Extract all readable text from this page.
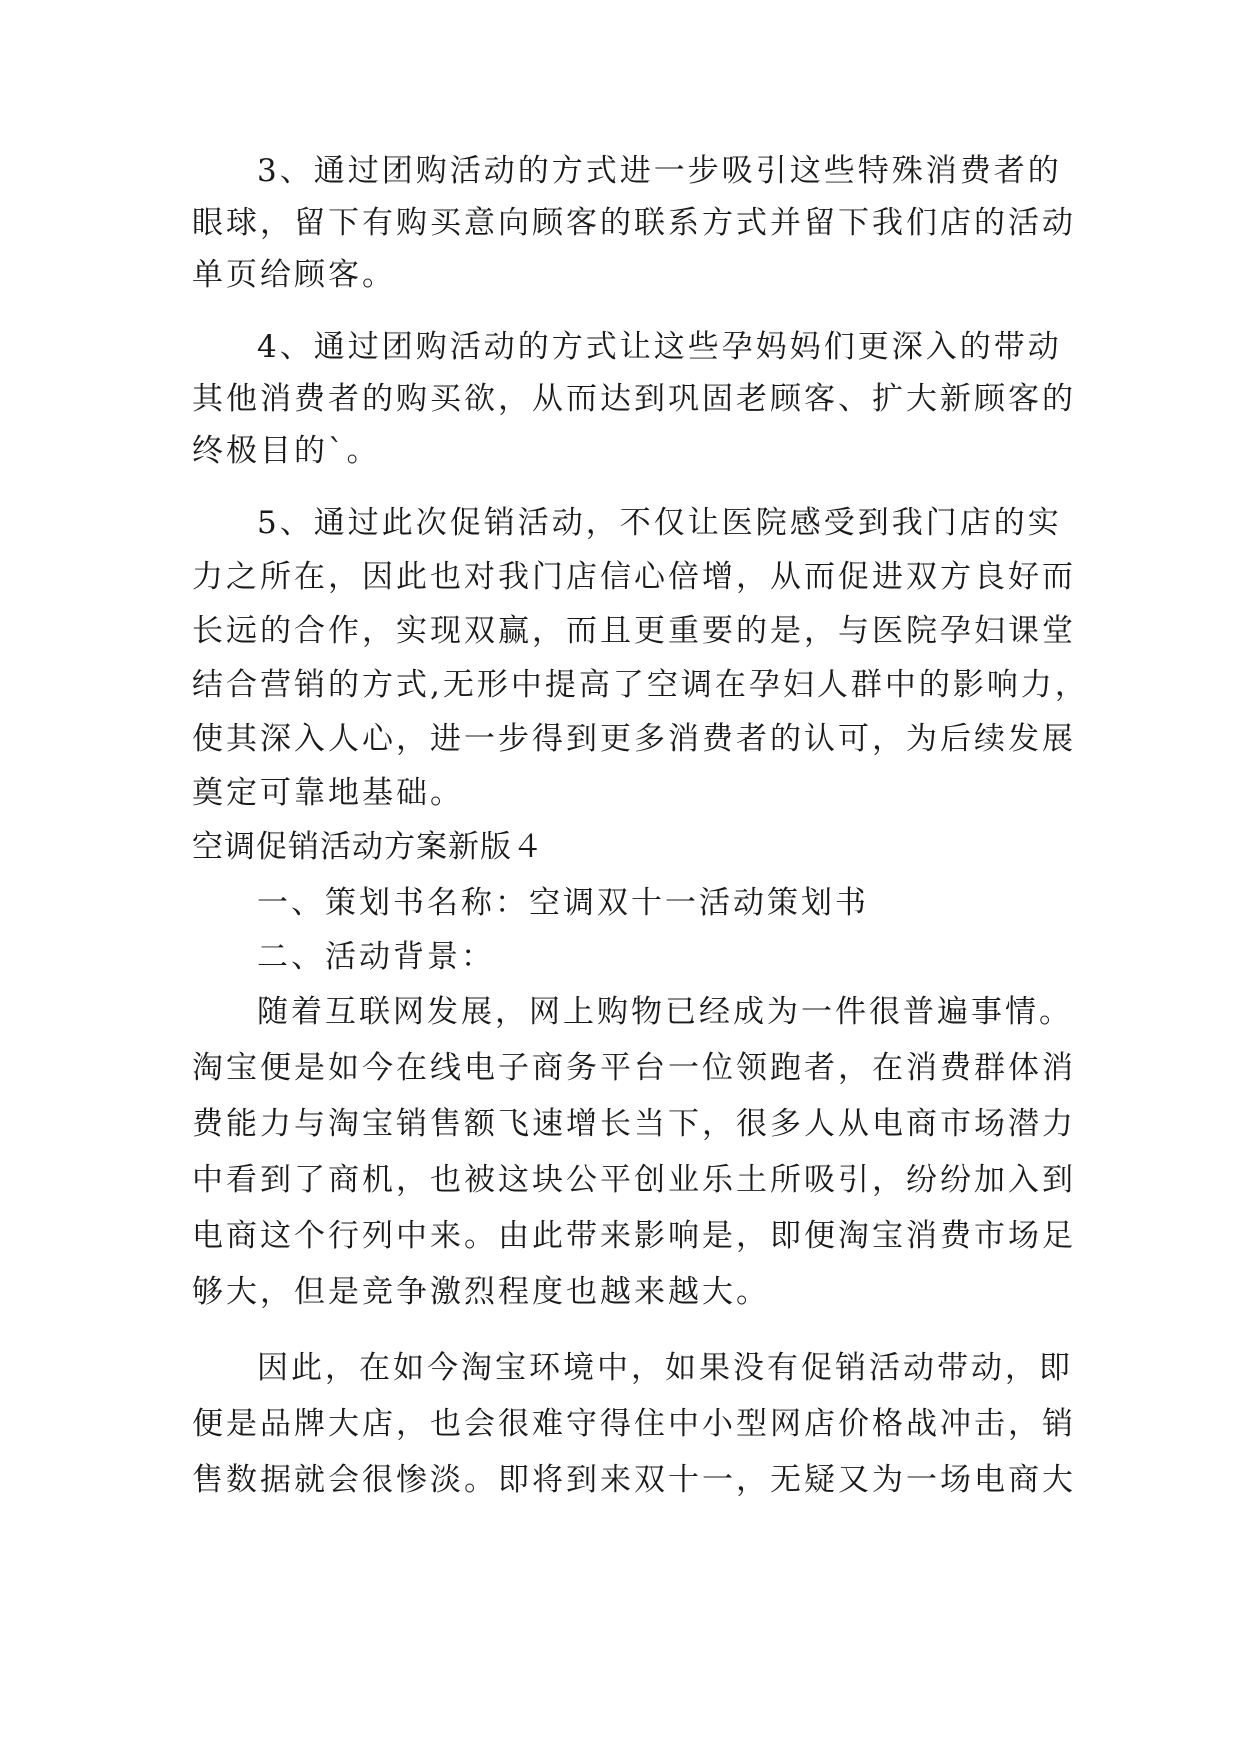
3、通过团购活动的方式进一步吸引这些特殊消费者的
眼球，留下有购买意向顾客的联系方式并留下我们店的活动
单页给顾客。
4、通过团购活动的方式让这些孕妈妈们更深入的带动
其他消费者的购买欲，从而达到巩固老顾客、扩大新顾客的
终极目的`。
5、通过此次促销活动，不仅让医院感受到我门店的实
力之所在，因此也对我门店信心倍增，从而促进双方良好而
长远的合作，实现双赢，而且更重要的是，与医院孕妇课堂
结合营销的方式,无形中提高了空调在孕妇人群中的影响力，
使其深入人心，进一步得到更多消费者的认可，为后续发展
奠定可靠地基础。
空调促销活动方案新版４
一、策划书名称：空调双十一活动策划书
二、活动背景：
随着互联网发展，网上购物已经成为一件很普遍事情。
淘宝便是如今在线电子商务平台一位领跑者，在消费群体消
费能力与淘宝销售额飞速增长当下，很多人从电商市场潜力
中看到了商机，也被这块公平创业乐土所吸引，纷纷加入到
电商这个行列中来。由此带来影响是，即便淘宝消费市场足
够大，但是竞争激烈程度也越来越大。
因此，在如今淘宝环境中，如果没有促销活动带动，即
便是品牌大店，也会很难守得住中小型网店价格战冲击，销
售数据就会很惨淡。即将到来双十一，无疑又为一场电商大
